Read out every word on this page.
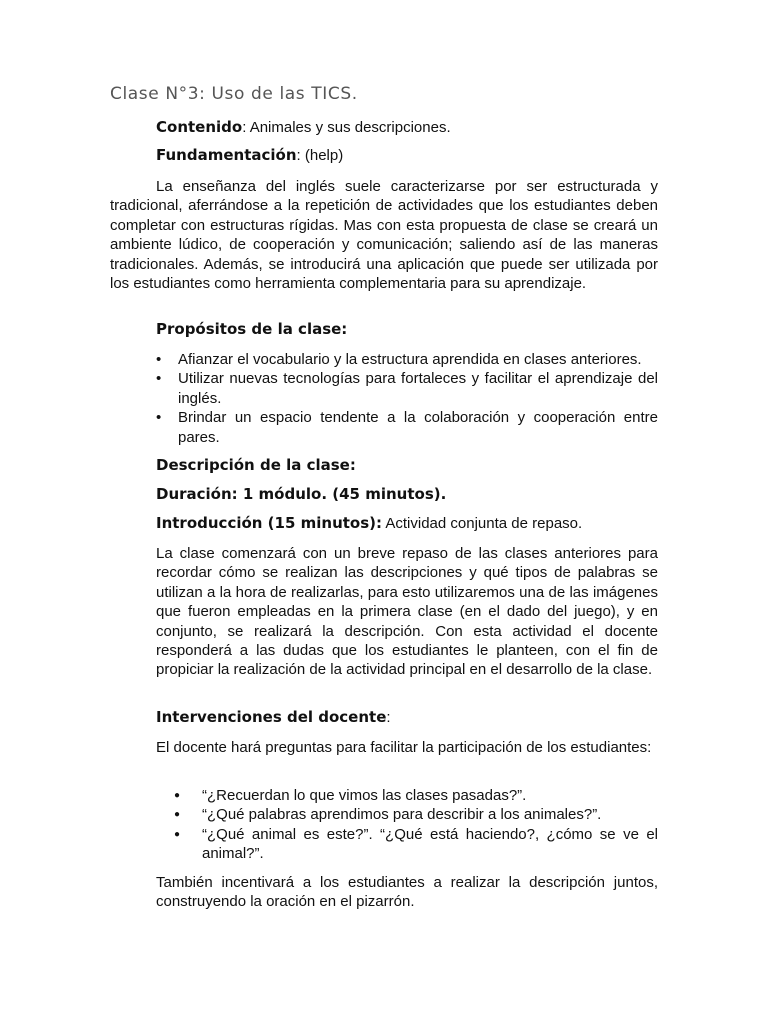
Clase N°3: Uso de las TICS.

Contenido: Animales y sus descripciones.

Fundamentación: (help)

La enseñanza del inglés suele caracterizarse por ser estructurada y tradicional, aferrándose a la repetición de actividades que los estudiantes deben completar con estructuras rígidas. Mas con esta propuesta de clase se creará un ambiente lúdico, de cooperación y comunicación; saliendo así de las maneras tradicionales. Además, se introducirá una aplicación que puede ser utilizada por los estudiantes como herramienta complementaria para su aprendizaje.

Propósitos de la clase:

• Afianzar el vocabulario y la estructura aprendida en clases anteriores.
• Utilizar nuevas tecnologías para fortaleces y facilitar el aprendizaje del inglés.
• Brindar un espacio tendente a la colaboración y cooperación entre pares.

Descripción de la clase:

Duración: 1 módulo. (45 minutos).

Introducción (15 minutos): Actividad conjunta de repaso.

La clase comenzará con un breve repaso de las clases anteriores para recordar cómo se realizan las descripciones y qué tipos de palabras se utilizan a la hora de realizarlas, para esto utilizaremos una de las imágenes que fueron empleadas en la primera clase (en el dado del juego), y en conjunto, se realizará la descripción. Con esta actividad el docente responderá a las dudas que los estudiantes le planteen, con el fin de propiciar la realización de la actividad principal en el desarrollo de la clase.

Intervenciones del docente:

El docente hará preguntas para facilitar la participación de los estudiantes:

● “¿Recuerdan lo que vimos las clases pasadas?”.
● “¿Qué palabras aprendimos para describir a los animales?”.
● “¿Qué animal es este?”. “¿Qué está haciendo?, ¿cómo se ve el animal?”.

También incentivará a los estudiantes a realizar la descripción juntos, construyendo la oración en el pizarrón.
